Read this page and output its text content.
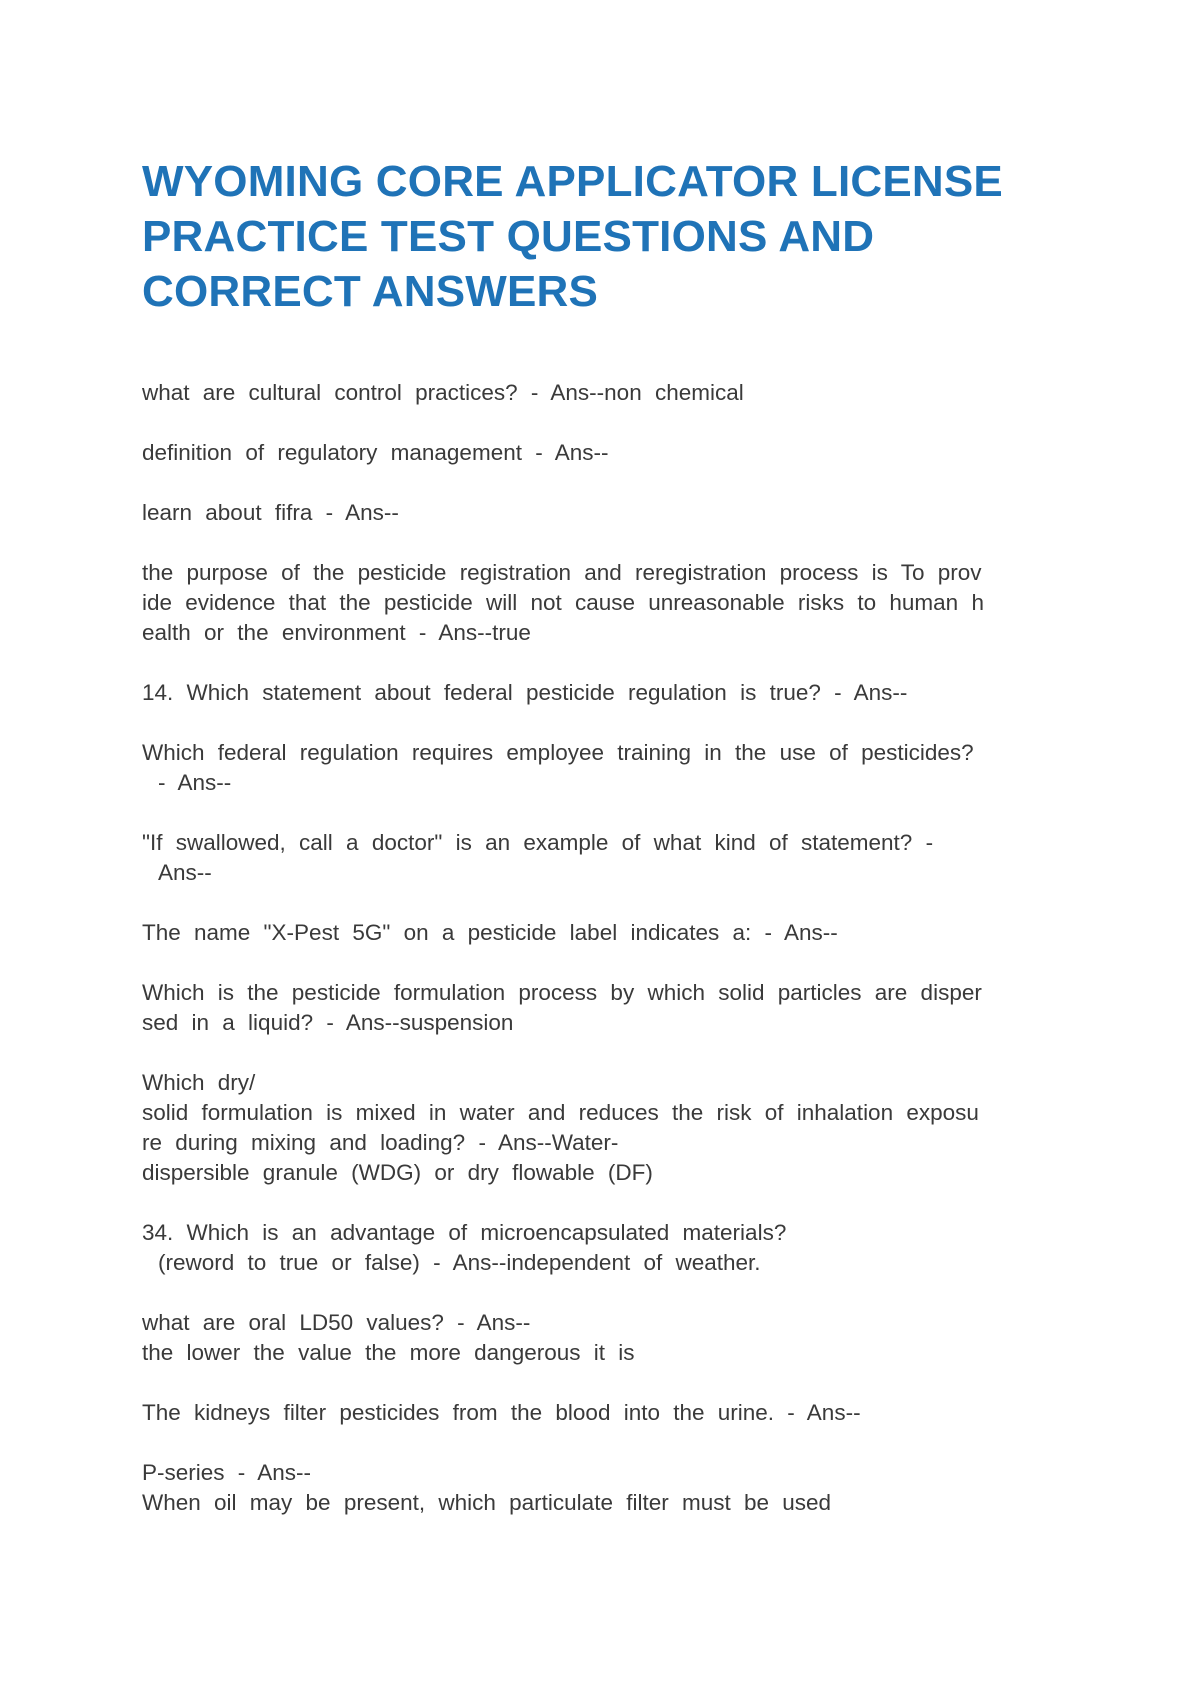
WYOMING CORE APPLICATOR LICENSE
PRACTICE TEST QUESTIONS AND
CORRECT ANSWERS
what are cultural control practices? - Ans--non chemical
definition of regulatory management - Ans--
learn about fifra - Ans--
the purpose of the pesticide registration and reregistration process is To prov
ide evidence that the pesticide will not cause unreasonable risks to human h
ealth or the environment - Ans--true
14. Which statement about federal pesticide regulation is true? - Ans--
Which federal regulation requires employee training in the use of pesticides?
- Ans--
"If swallowed, call a doctor" is an example of what kind of statement? -
Ans--
The name "X-Pest 5G" on a pesticide label indicates a: - Ans--
Which is the pesticide formulation process by which solid particles are disper
sed in a liquid? - Ans--suspension
Which dry/
solid formulation is mixed in water and reduces the risk of inhalation exposu
re during mixing and loading? - Ans--Water-
dispersible granule (WDG) or dry flowable (DF)
34. Which is an advantage of microencapsulated materials?
(reword to true or false) - Ans--independent of weather.
what are oral LD50 values? - Ans--
the lower the value the more dangerous it is
The kidneys filter pesticides from the blood into the urine. - Ans--
P-series - Ans--
When oil may be present, which particulate filter must be used
